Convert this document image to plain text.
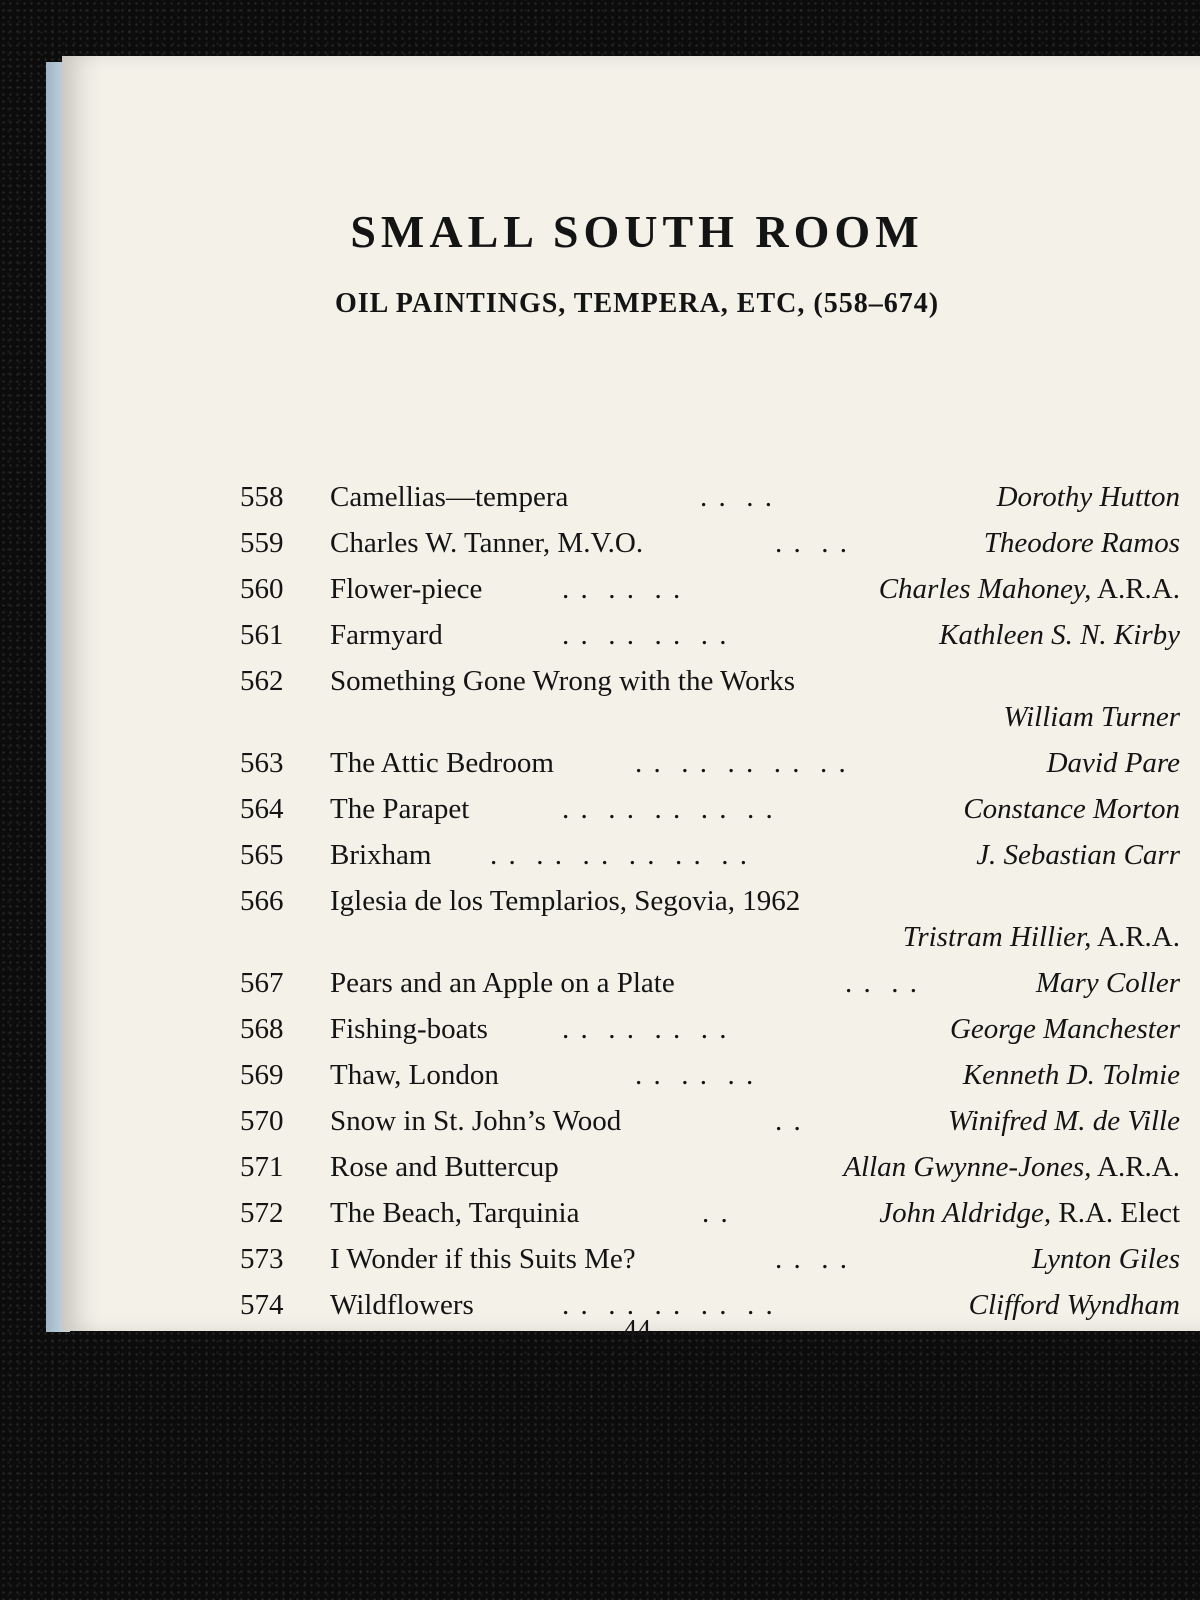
SMALL SOUTH ROOM
OIL PAINTINGS, TEMPERA, ETC, (558–674)
558 Camellias—tempera	. .  . .	Dorothy Hutton
559 Charles W. Tanner, M.V.O.	. .  . .	Theodore Ramos
560 Flower-piece	. .  . .  . .	Charles Mahoney, A.R.A.
561 Farmyard	. .  . .  . .  . .	Kathleen S. N. Kirby
562 Something Gone Wrong with the Works
William Turner
563 The Attic Bedroom	. .  . .  . .  . .  . .	David Pare
564 The Parapet	. .  . .  . .  . .  . .	Constance Morton
565 Brixham . .  . .  . .  . .  . .  . .	J. Sebastian Carr
566 Iglesia de los Templarios, Segovia, 1962
Tristram Hillier, A.R.A.
567 Pears and an Apple on a Plate	. .  . .	Mary Coller
568 Fishing-boats	. .  . .  . .  . .	George Manchester
569 Thaw, London	. .  . .  . .	Kenneth D. Tolmie
570 Snow in St. John’s Wood	. .	Winifred M. de Ville
571 Rose and Buttercup	Allan Gwynne-Jones, A.R.A.
572 The Beach, Tarquinia	. .	John Aldridge, R.A. Elect
573 I Wonder if this Suits Me?	. .  . .	Lynton Giles
574 Wildflowers	. .  . .  . .  . .  . .	Clifford Wyndham
44
